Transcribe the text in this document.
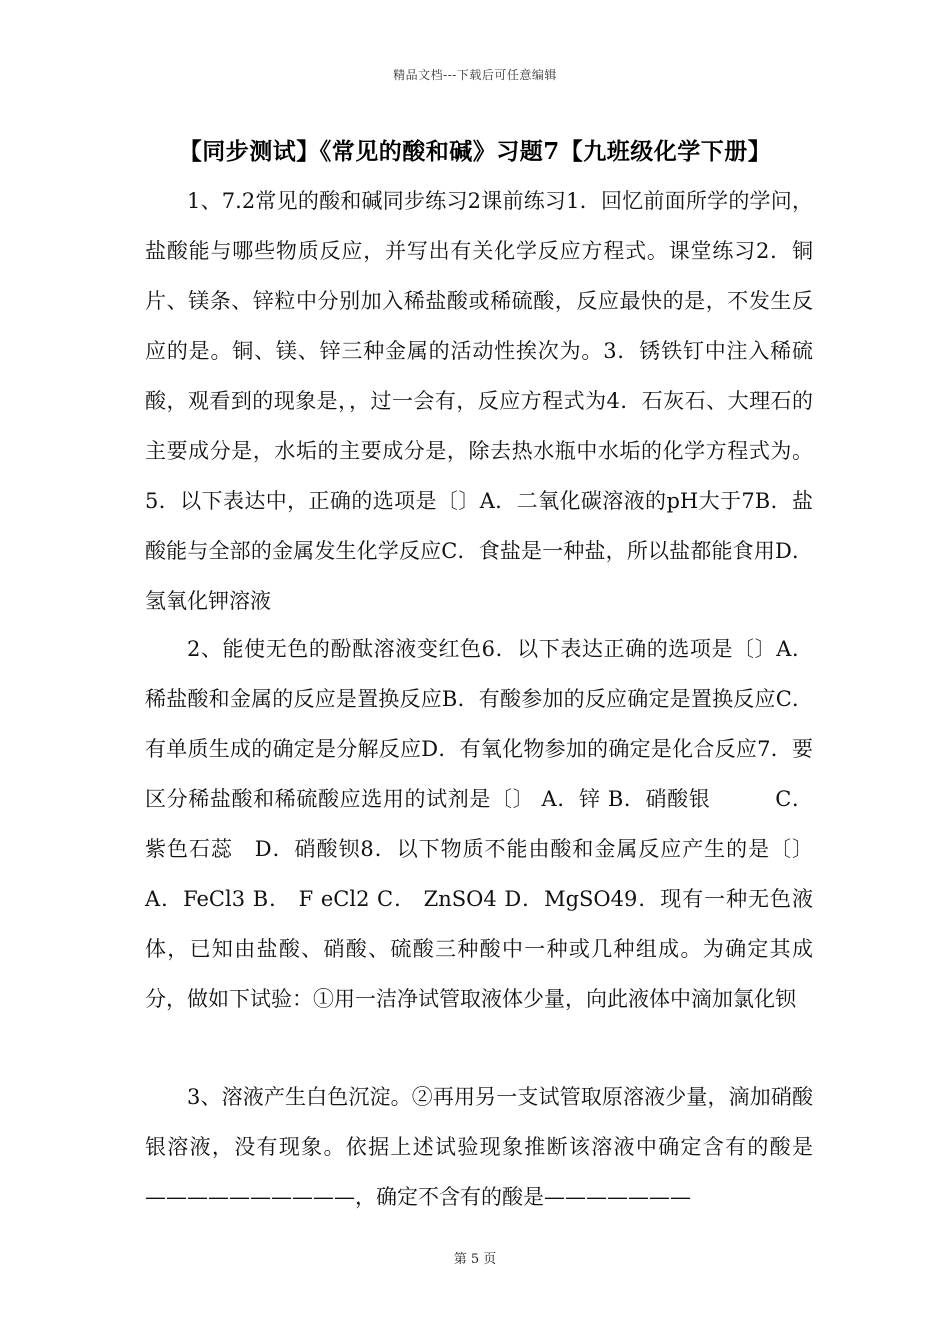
精品文档---下载后可任意编辑
【同步测试】《常见的酸和碱》习题7【九班级化学下册】

1、7.2常见的酸和碱同步练习2课前练习1．回忆前面所学的学问，盐酸能与哪些物质反应，并写出有关化学反应方程式。课堂练习2．铜片、镁条、锌粒中分别加入稀盐酸或稀硫酸，反应最快的是，不发生反应的是。铜、镁、锌三种金属的活动性挨次为。3．锈铁钉中注入稀硫酸，观看到的现象是，，过一会有，反应方程式为4．石灰石、大理石的主要成分是，水垢的主要成分是，除去热水瓶中水垢的化学方程式为。5．以下表达中，正确的选项是〔〕A．二氧化碳溶液的pH大于7B．盐酸能与全部的金属发生化学反应C．食盐是一种盐，所以盐都能食用D．氢氧化钾溶液

2、能使无色的酚酞溶液变红色6．以下表达正确的选项是〔〕A．稀盐酸和金属的反应是置换反应B．有酸参加的反应确定是置换反应C．有单质生成的确定是分解反应D．有氧化物参加的确定是化合反应7．要区分稀盐酸和稀硫酸应选用的试剂是〔〕 A．锌 B．硝酸银　　　C．紫色石蕊　D．硝酸钡8．以下物质不能由酸和金属反应产生的是〔〕 A．FeCl3 B． F eCl2 C． ZnSO4 D．MgSO49．现有一种无色液体，已知由盐酸、硝酸、硫酸三种酸中一种或几种组成。为确定其成分，做如下试验：①用一洁净试管取液体少量，向此液体中滴加氯化钡

3、溶液产生白色沉淀。②再用另一支试管取原溶液少量，滴加硝酸银溶液，没有现象。依据上述试验现象推断该溶液中确定含有的酸是——————————，确定不含有的酸是———————

第 5 页
